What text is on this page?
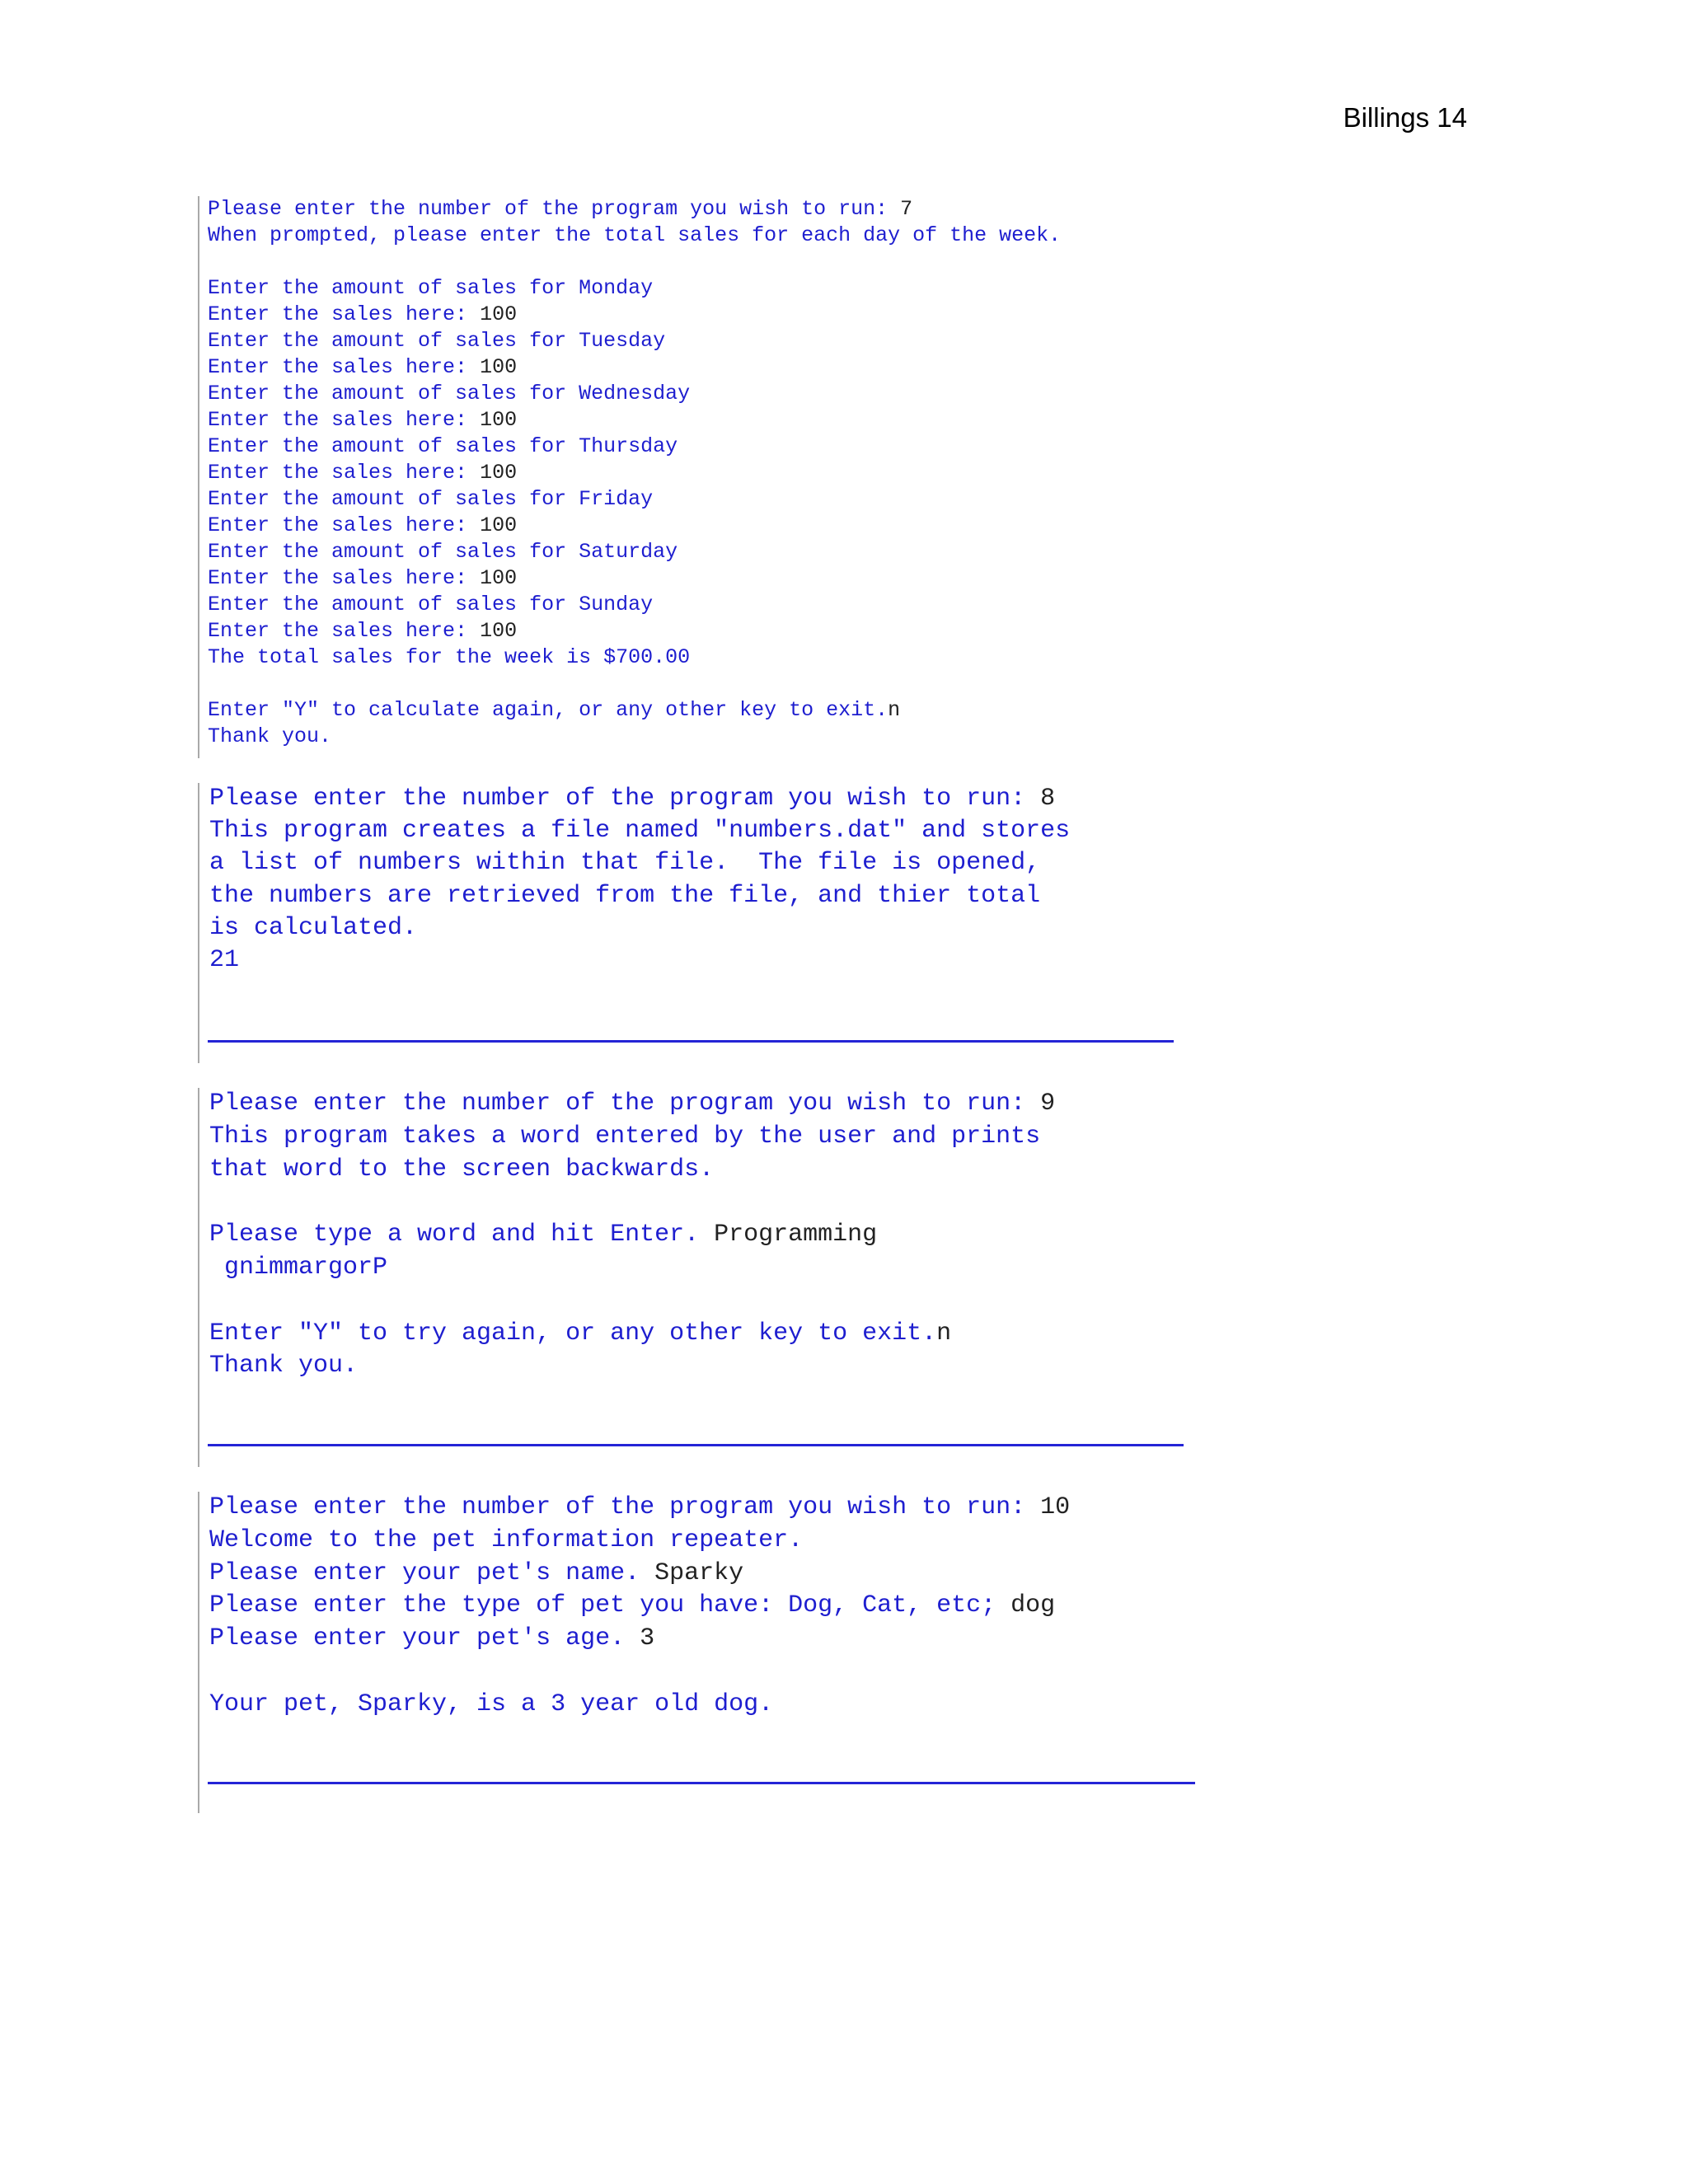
Billings 14
Please enter the number of the program you wish to run: 7
When prompted, please enter the total sales for each day of the week.

Enter the amount of sales for Monday
Enter the sales here: 100
Enter the amount of sales for Tuesday
Enter the sales here: 100
Enter the amount of sales for Wednesday
Enter the sales here: 100
Enter the amount of sales for Thursday
Enter the sales here: 100
Enter the amount of sales for Friday
Enter the sales here: 100
Enter the amount of sales for Saturday
Enter the sales here: 100
Enter the amount of sales for Sunday
Enter the sales here: 100
The total sales for the week is $700.00

Enter "Y" to calculate again, or any other key to exit.n
Thank you.
Please enter the number of the program you wish to run: 8
This program creates a file named "numbers.dat" and stores
a list of numbers within that file.  The file is opened,
the numbers are retrieved from the file, and thier total
is calculated.
21
Please enter the number of the program you wish to run: 9
This program takes a word entered by the user and prints
that word to the screen backwards.

Please type a word and hit Enter. Programming
gnimmargorP

Enter "Y" to try again, or any other key to exit.n
Thank you.
Please enter the number of the program you wish to run: 10
Welcome to the pet information repeater.
Please enter your pet's name. Sparky
Please enter the type of pet you have: Dog, Cat, etc; dog
Please enter your pet's age. 3

Your pet, Sparky, is a 3 year old dog.
